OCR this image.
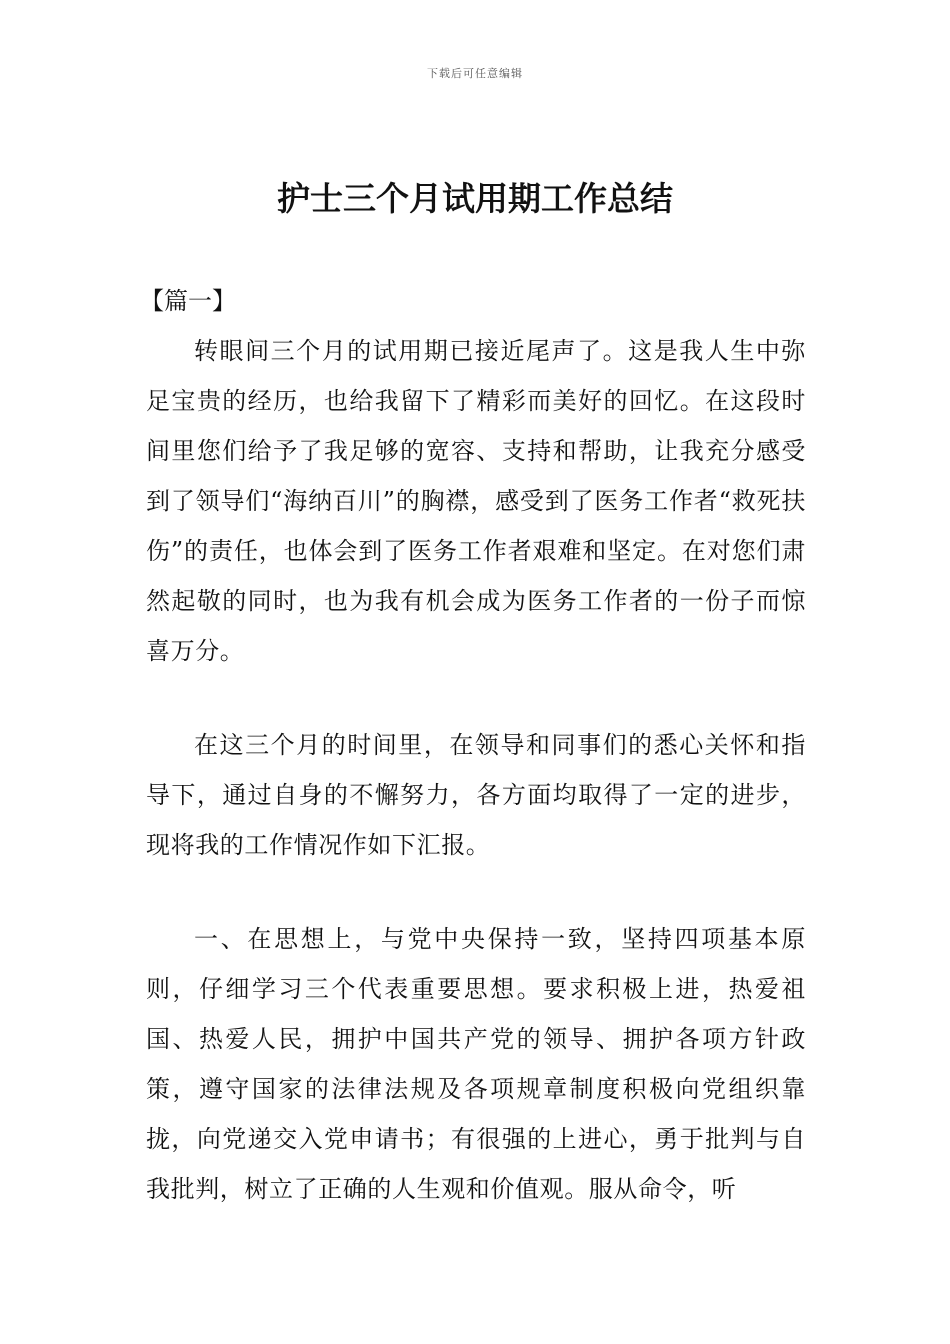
下载后可任意编辑
护士三个月试用期工作总结

【篇一】

转眼间三个月的试用期已接近尾声了。这是我人生中弥足宝贵的经历，也给我留下了精彩而美好的回忆。在这段时间里您们给予了我足够的宽容、支持和帮助，让我充分感受到了领导们“海纳百川”的胸襟，感受到了医务工作者“救死扶伤”的责任，也体会到了医务工作者艰难和坚定。在对您们肃然起敬的同时，也为我有机会成为医务工作者的一份子而惊喜万分。

在这三个月的时间里，在领导和同事们的悉心关怀和指导下，通过自身的不懈努力，各方面均取得了一定的进步，现将我的工作情况作如下汇报。

一、在思想上，与党中央保持一致，坚持四项基本原则，仔细学习三个代表重要思想。要求积极上进，热爱祖国、热爱人民，拥护中国共产党的领导、拥护各项方针政策，遵守国家的法律法规及各项规章制度积极向党组织靠拢，向党递交入党申请书；有很强的上进心，勇于批判与自我批判，树立了正确的人生观和价值观。服从命令，听
